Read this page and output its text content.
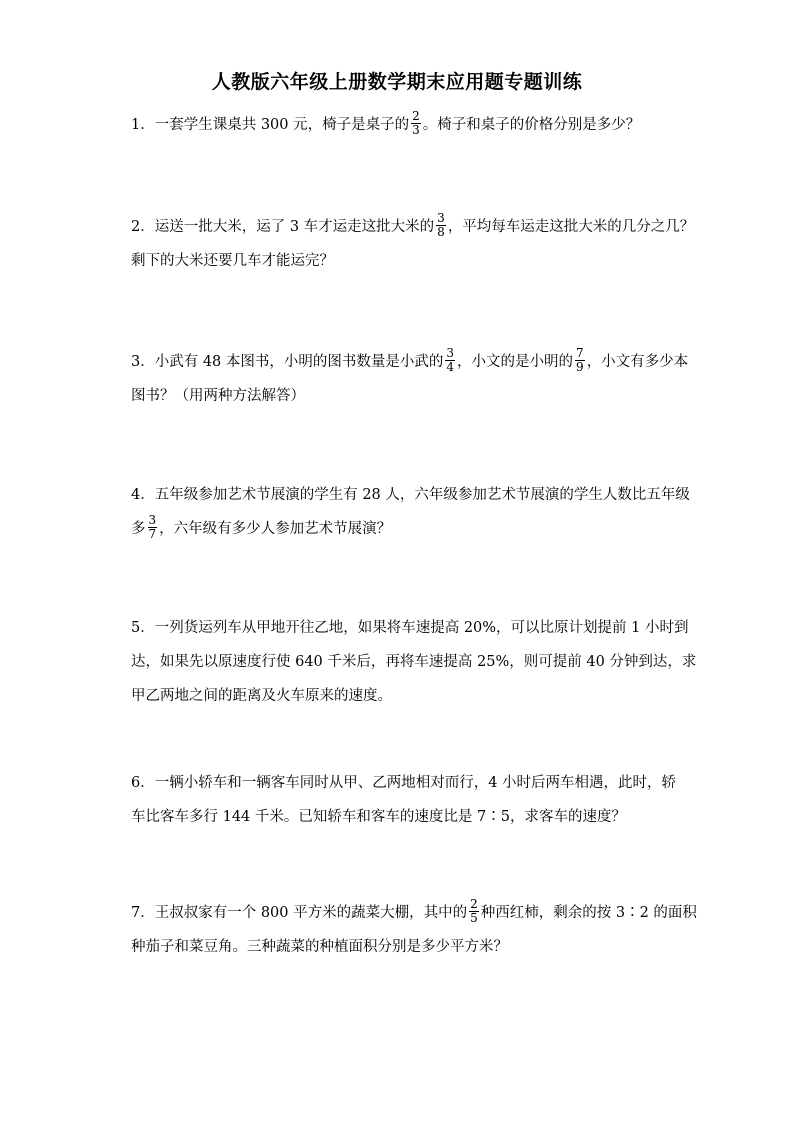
人教版六年级上册数学期末应用题专题训练
1．一套学生课桌共 300 元，椅子是桌子的 $\frac{2}{3}$ 。椅子和桌子的价格分别是多少？
2．运送一批大米，运了 3 车才运走这批大米的 $\frac{3}{8}$ ，平均每车运走这批大米的几分之几？
剩下的大米还要几车才能运完？
3．小武有 48 本图书，小明的图书数量是小武的 $\frac{3}{4}$ ，小文的是小明的 $\frac{7}{9}$ ，小文有多少本
图书？（用两种方法解答）
4．五年级参加艺术节展演的学生有 28 人，六年级参加艺术节展演的学生人数比五年级
多 $\frac{3}{7}$ ，六年级有多少人参加艺术节展演？
5．一列货运列车从甲地开往乙地，如果将车速提高 20%，可以比原计划提前 1 小时到
达，如果先以原速度行使 640 千米后，再将车速提高 25%，则可提前 40 分钟到达，求
甲乙两地之间的距离及火车原来的速度。
6．一辆小轿车和一辆客车同时从甲、乙两地相对而行，4 小时后两车相遇，此时，轿
车比客车多行 144 千米。已知轿车和客车的速度比是 7∶5，求客车的速度？
7．王叔叔家有一个 800 平方米的蔬菜大棚，其中的 $\frac{2}{5}$ 种西红柿，剩余的按 3∶2 的面积
种茄子和菜豆角。三种蔬菜的种植面积分别是多少平方米？
